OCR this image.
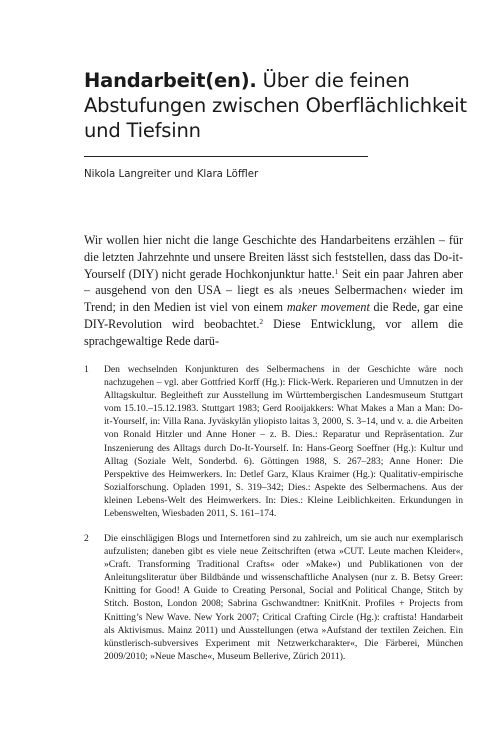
Handarbeit(en). Über die feinen Abstufungen zwischen Oberflächlichkeit und Tiefsinn
Nikola Langreiter und Klara Löffler

Wir wollen hier nicht die lange Geschichte des Handarbeitens erzählen – für die letzten Jahrzehnte und unsere Breiten lässt sich feststellen, dass das Do-it-Yourself (DIY) nicht gerade Hochkonjunktur hatte.$^1$ Seit ein paar Jahren aber – ausgehend von den USA – liegt es als ›neues Selbermachen‹ wieder im Trend; in den Medien ist viel von einem maker movement die Rede, gar eine DIY-Revolution wird beobachtet.$^2$ Diese Entwicklung, vor allem die sprachgewaltige Rede darü-

1	Den wechselnden Konjunkturen des Selbermachens in der Geschichte wäre noch nachzugehen – vgl. aber Gottfried Korff (Hg.): Flick-Werk. Reparieren und Umnutzen in der Alltagskultur. Begleitheft zur Ausstellung im Württembergischen Landesmuseum Stuttgart vom 15.10.–15.12.1983. Stuttgart 1983; Gerd Rooijakkers: What Makes a Man a Man: Do-it-Yourself, in: Villa Rana. Jyväskylän yliopisto laitas 3, 2000, S. 3–14, und v. a. die Arbeiten von Ronald Hitzler und Anne Honer – z. B. Dies.: Reparatur und Repräsentation. Zur Inszenierung des Alltags durch Do-It-Yourself. In: Hans-Georg Soeffner (Hg.): Kultur und Alltag (Soziale Welt, Sonderbd. 6). Göttingen 1988, S. 267–283; Anne Honer: Die Perspektive des Heimwerkers. In: Detlef Garz, Klaus Kraimer (Hg.): Qualitativ-empirische Sozialforschung. Opladen 1991, S. 319–342; Dies.: Aspekte des Selbermachens. Aus der kleinen Lebens-Welt des Heimwerkers. In: Dies.: Kleine Leiblichkeiten. Erkundungen in Lebenswelten, Wiesbaden 2011, S. 161–174.
2	Die einschlägigen Blogs und Internetforen sind zu zahlreich, um sie auch nur exemplarisch aufzulisten; daneben gibt es viele neue Zeitschriften (etwa »CUT. Leute machen Kleider«, »Craft. Transforming Traditional Crafts« oder »Make«) und Publikationen von der Anleitungsliteratur über Bildbände und wissenschaftliche Analysen (nur z. B. Betsy Greer: Knitting for Good! A Guide to Creating Personal, Social and Political Change, Stitch by Stitch. Boston, London 2008; Sabrina Gschwandtner: KnitKnit. Profiles + Projects from Knitting’s New Wave. New York 2007; Critical Crafting Circle (Hg.): craftista! Handarbeit als Aktivismus. Mainz 2011) und Ausstellungen (etwa »Aufstand der textilen Zeichen. Ein künstlerisch-subversives Experiment mit Netzwerkcharakter«, Die Färberei, München 2009/2010; »Neue Masche«, Museum Bellerive, Zürich 2011).
